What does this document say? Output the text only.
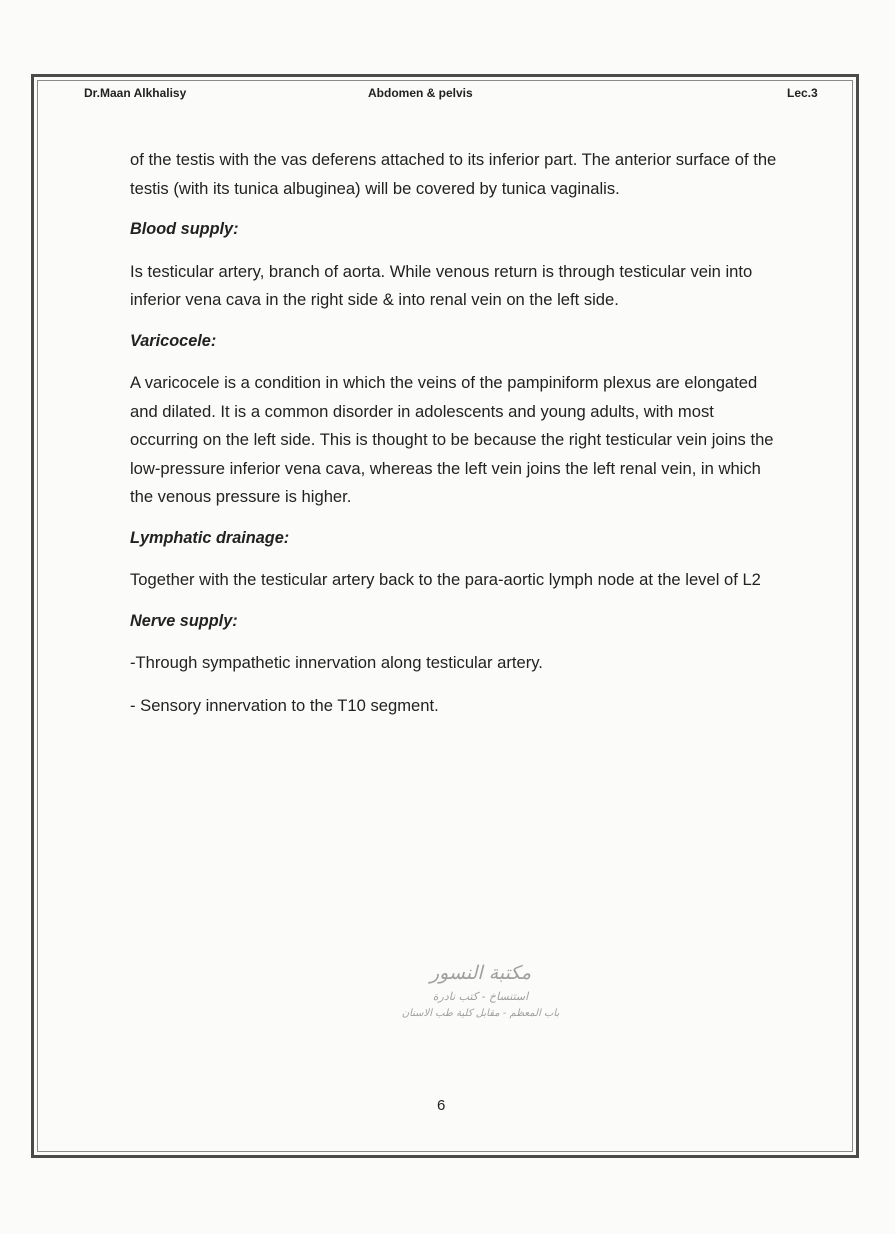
Dr.Maan Alkhalisy	Abdomen & pelvis	Lec.3

of the testis with the vas deferens attached to its inferior part. The anterior surface of the testis (with its tunica albuginea) will be covered by tunica vaginalis.

Blood supply:

Is testicular artery, branch of aorta. While venous return is through testicular vein into inferior vena cava in the right side & into renal vein on the left side.

Varicocele:

A varicocele is a condition in which the veins of the pampiniform plexus are elongated and dilated. It is a common disorder in adolescents and young adults, with most occurring on the left side. This is thought to be because the right testicular vein joins the low-pressure inferior vena cava, whereas the left vein joins the left renal vein, in which the venous pressure is higher.

Lymphatic drainage:

Together with the testicular artery back to the para-aortic lymph node at the level of L2

Nerve supply:

-Through sympathetic innervation along testicular artery.

- Sensory innervation to the T10 segment.

مكتبة النسور
استنساخ - كتب نادرة
باب المعظم - مقابل كلية طب الاسنان
6
